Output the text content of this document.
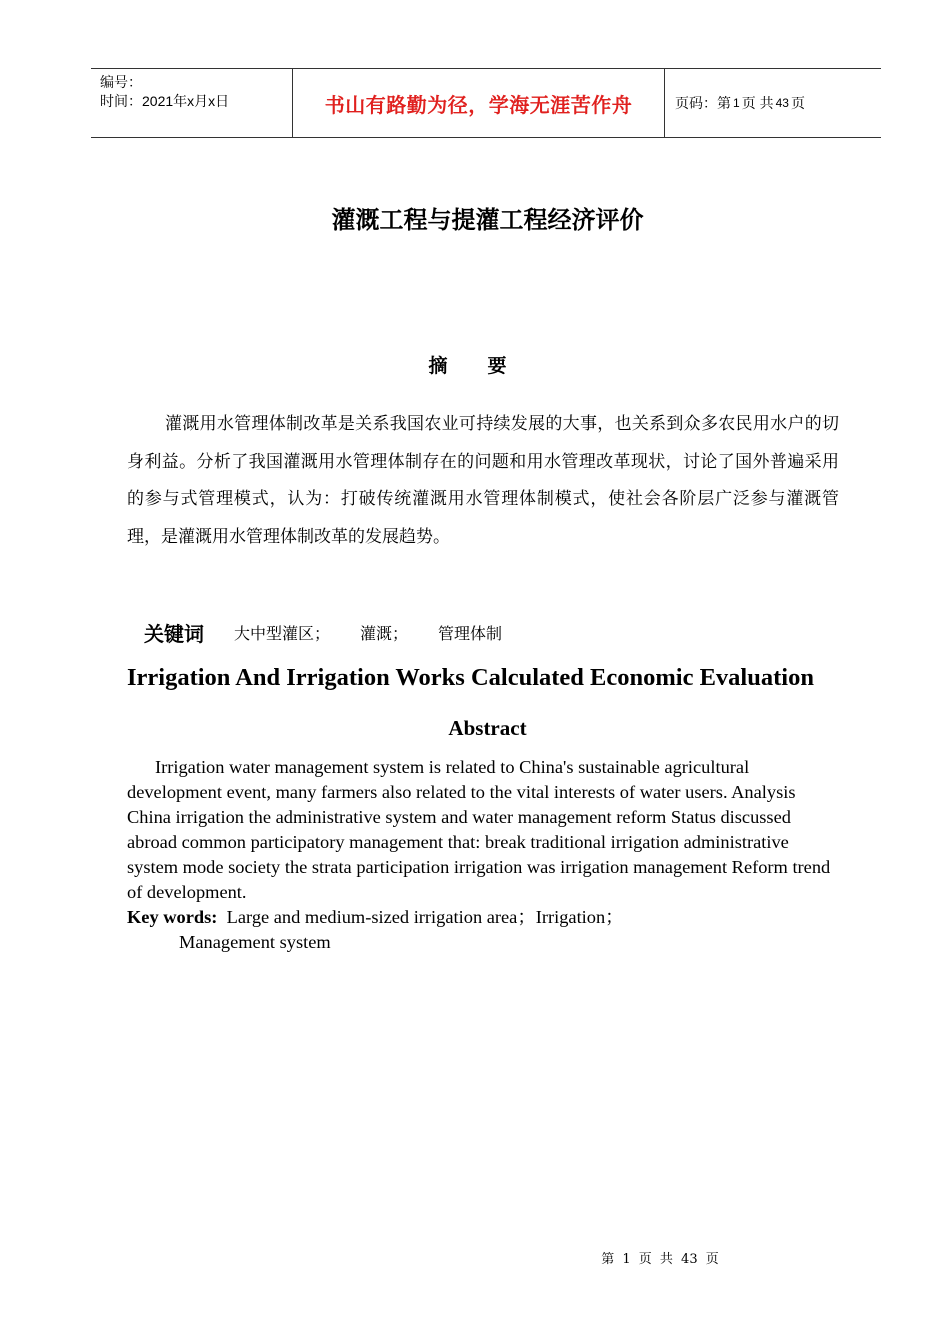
编号：
时间：2021年x月x日	书山有路勤为径，学海无涯苦作舟	页码：第 1 页 共 43 页
灌溉工程与提灌工程经济评价
摘要

灌溉用水管理体制改革是关系我国农业可持续发展的大事，也关系到众多农民用水户的切身利益。分析了我国灌溉用水管理体制存在的问题和用水管理改革现状，讨论了国外普遍采用的参与式管理模式，认为：打破传统灌溉用水管理体制模式，使社会各阶层广泛参与灌溉管理，是灌溉用水管理体制改革的发展趋势。

关键词 大中型灌区； 灌溉； 管理体制
Irrigation And Irrigation Works Calculated Economic Evaluation
Abstract

Irrigation water management system is related to China's sustainable agricultural development event, many farmers also related to the vital interests of water users. Analysis China irrigation the administrative system and water management reform Status discussed abroad common participatory management that: break traditional irrigation administrative system mode society the strata participation irrigation was irrigation management Reform trend of development.

Key words: Large and medium-sized irrigation area；Irrigation；
Management system

第 1 页 共 43 页
